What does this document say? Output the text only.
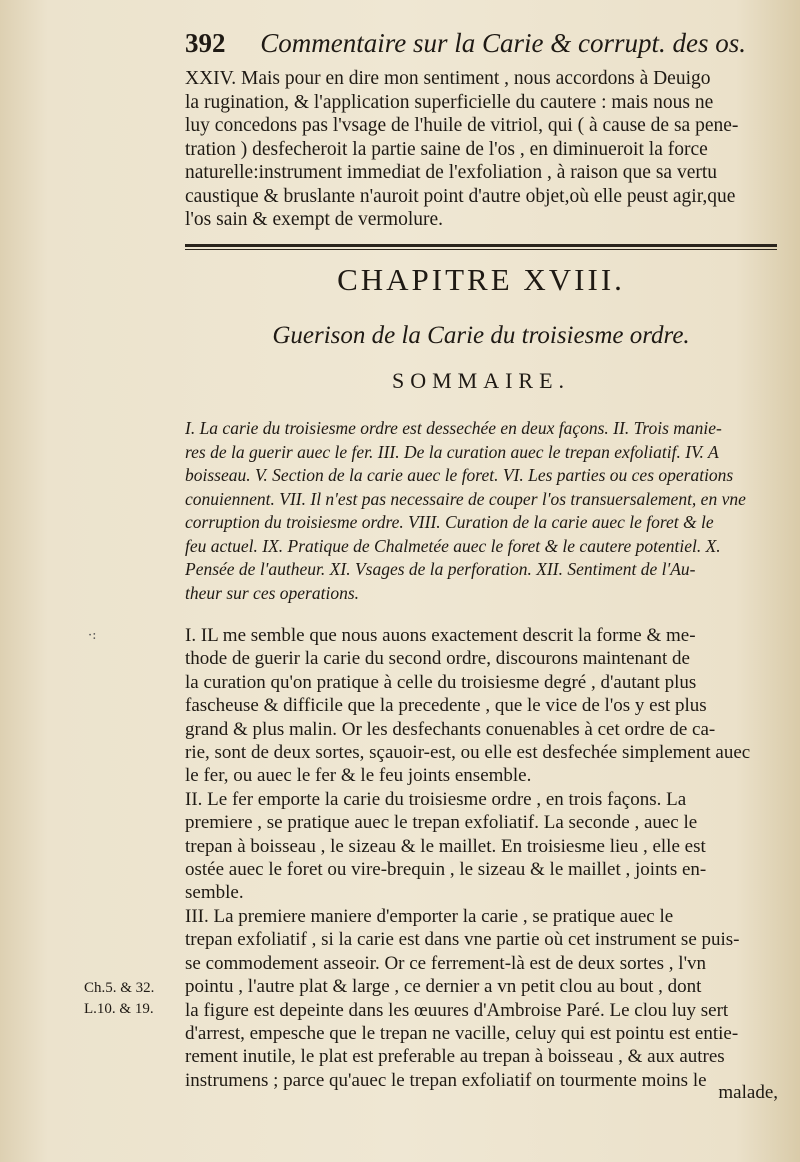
392 Commentaire sur la Carie & corrupt. des os.
XXIV. Mais pour en dire mon sentiment , nous accordons à Deuigo
la rugination, & l'application superficielle du cautere : mais nous ne
luy concedons pas l'vsage de l'huile de vitriol, qui ( à cause de sa pene-
tration ) desfecheroit la partie saine de l'os , en diminueroit la force
naturelle:instrument immediat de l'exfoliation , à raison que sa vertu
caustique & bruslante n'auroit point d'autre objet,où elle peust agir,que
l'os sain & exempt de vermolure.
CHAPITRE XVIII.
Guerison de la Carie du troisiesme ordre.
SOMMAIRE.
I. La carie du troisiesme ordre est dessechée en deux façons. II. Trois manie-
res de la guerir auec le fer. III. De la curation auec le trepan exfoliatif. IV. A
boisseau. V. Section de la carie auec le foret. VI. Les parties ou ces operations
conuiennent. VII. Il n'est pas necessaire de couper l'os transuersalement, en vne
corruption du troisiesme ordre. VIII. Curation de la carie auec le foret & le
feu actuel. IX. Pratique de Chalmetée auec le foret & le cautere potentiel. X.
Pensée de l'autheur. XI. Vsages de la perforation. XII. Sentiment de l'Au-
theur sur ces operations.
·:	I. IL me semble que nous auons exactement descrit la forme & me-
thode de guerir la carie du second ordre, discourons maintenant de
la curation qu'on pratique à celle du troisiesme degré , d'autant plus
fascheuse & difficile que la precedente , que le vice de l'os y est plus
grand & plus malin. Or les desfechants conuenables à cet ordre de ca-
rie, sont de deux sortes, sçauoir-est, ou elle est desfechée simplement auec
le fer, ou auec le fer & le feu joints ensemble.
II. Le fer emporte la carie du troisiesme ordre , en trois façons. La
premiere , se pratique auec le trepan exfoliatif. La seconde , auec le
trepan à boisseau , le sizeau & le maillet. En troisiesme lieu , elle est
ostée auec le foret ou vire-brequin , le sizeau & le maillet , joints en-
semble.
III. La premiere maniere d'emporter la carie , se pratique auec le
trepan exfoliatif , si la carie est dans vne partie où cet instrument se puis-
se commodement asseoir. Or ce ferrement-là est de deux sortes , l'vn
pointu , l'autre plat & large , ce dernier a vn petit clou au bout , dont
la figure est depeinte dans les œuures d'Ambroise Paré. Le clou luy sert
d'arrest, empesche que le trepan ne vacille, celuy qui est pointu est entie-
rement inutile, le plat est preferable au trepan à boisseau , & aux autres
instrumens ; parce qu'auec le trepan exfoliatif on tourmente moins le
Ch.5. & 32.
L.10. & 19.
malade,
